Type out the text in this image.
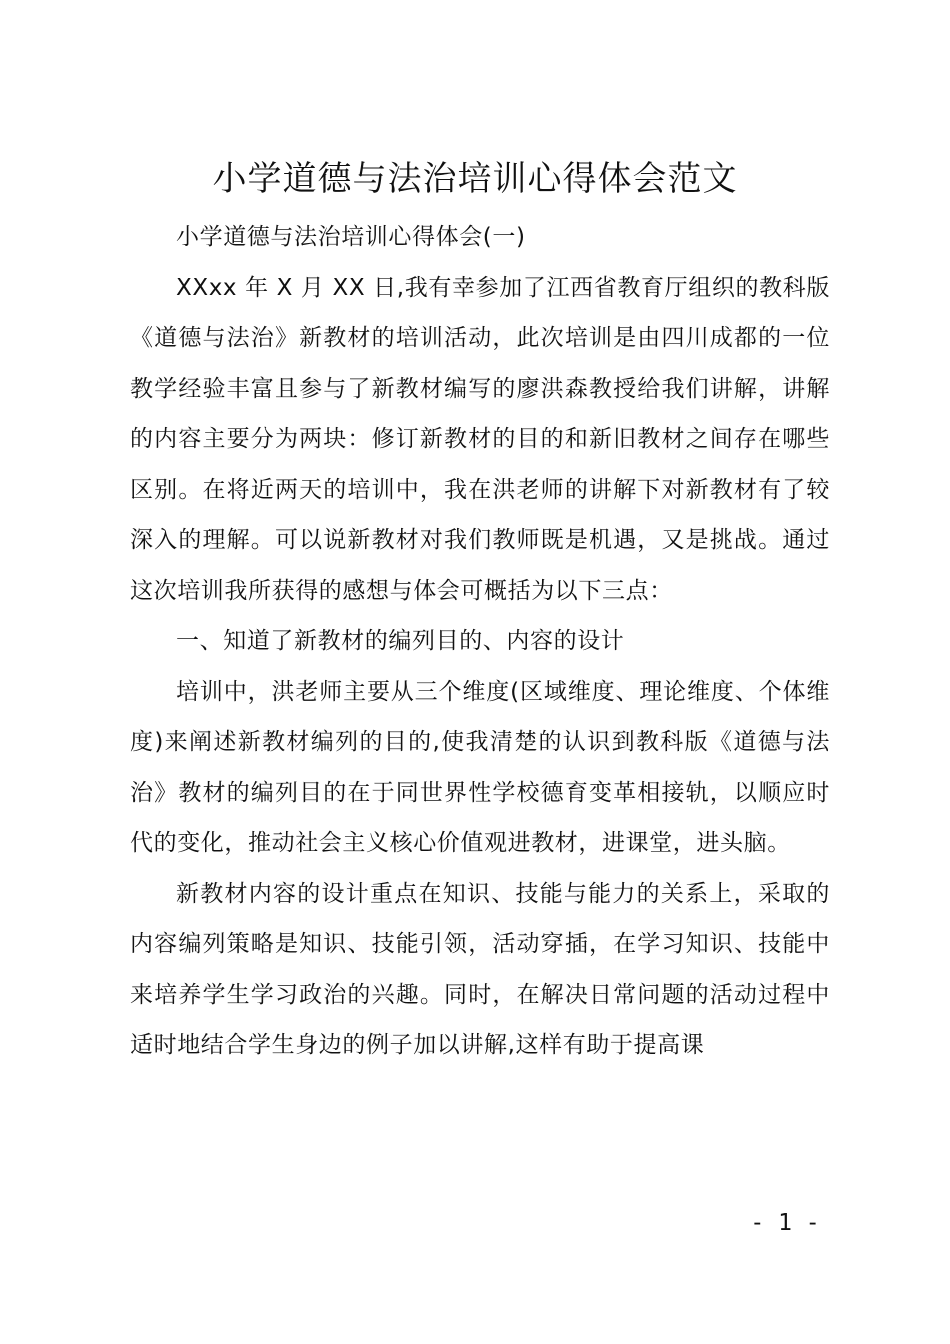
小学道德与法治培训心得体会范文

小学道德与法治培训心得体会(一)

XXxx 年 X 月 XX 日,我有幸参加了江西省教育厅组织的教科版《道德与法治》新教材的培训活动，此次培训是由四川成都的一位教学经验丰富且参与了新教材编写的廖洪森教授给我们讲解，讲解的内容主要分为两块：修订新教材的目的和新旧教材之间存在哪些区别。在将近两天的培训中，我在洪老师的讲解下对新教材有了较深入的理解。可以说新教材对我们教师既是机遇，又是挑战。通过这次培训我所获得的感想与体会可概括为以下三点：

一、知道了新教材的编列目的、内容的设计

培训中，洪老师主要从三个维度(区域维度、理论维度、个体维度)来阐述新教材编列的目的,使我清楚的认识到教科版《道德与法治》教材的编列目的在于同世界性学校德育变革相接轨，以顺应时代的变化，推动社会主义核心价值观进教材，进课堂，进头脑。

新教材内容的设计重点在知识、技能与能力的关系上，采取的内容编列策略是知识、技能引领，活动穿插，在学习知识、技能中来培养学生学习政治的兴趣。同时，在解决日常问题的活动过程中适时地结合学生身边的例子加以讲解,这样有助于提高课

- 1 -
